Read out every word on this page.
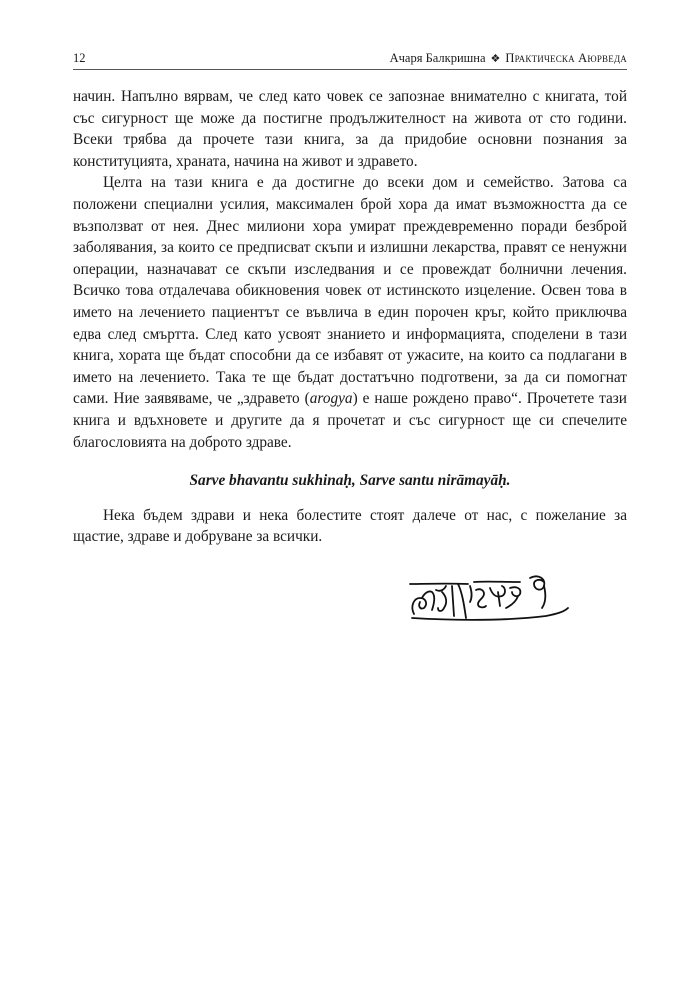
12	Ачаря Балкришна ❖ Практическа Аюрведа

начин. Напълно вярвам, че след като човек се запознае внимателно с книгата, той със сигурност ще може да постигне продължителност на живота от сто години. Всеки трябва да прочете тази книга, за да придобие основни познания за конституцията, храната, начина на живот и здравето.

Целта на тази книга е да достигне до всеки дом и семейство. Затова са положени специални усилия, максимален брой хора да имат възможността да се възползват от нея. Днес милиони хора умират преждевременно поради безброй заболявания, за които се предписват скъпи и излишни лекарства, правят се ненужни операции, назначават се скъпи изследвания и се провеждат болнични лечения. Всичко това отдалечава обикновения човек от истинското изцеление. Освен това в името на лечението пациентът се въвлича в един порочен кръг, който приключва едва след смъртта. След като усвоят знанието и информацията, споделени в тази книга, хората ще бъдат способни да се избавят от ужасите, на които са подлагани в името на лечението. Така те ще бъдат достатъчно подготвени, за да си помогнат сами. Ние заявяваме, че „здравето (arogya) е наше рождено право“. Прочетете тази книга и вдъхновете и другите да я прочетат и със сигурност ще си спечелите благословията на доброто здраве.

Sarve bhavantu sukhinaḥ, Sarve santu nirāmayāḥ.

Нека бъдем здрави и нека болестите стоят далече от нас, с пожелание за щастие, здраве и добруване за всички.
